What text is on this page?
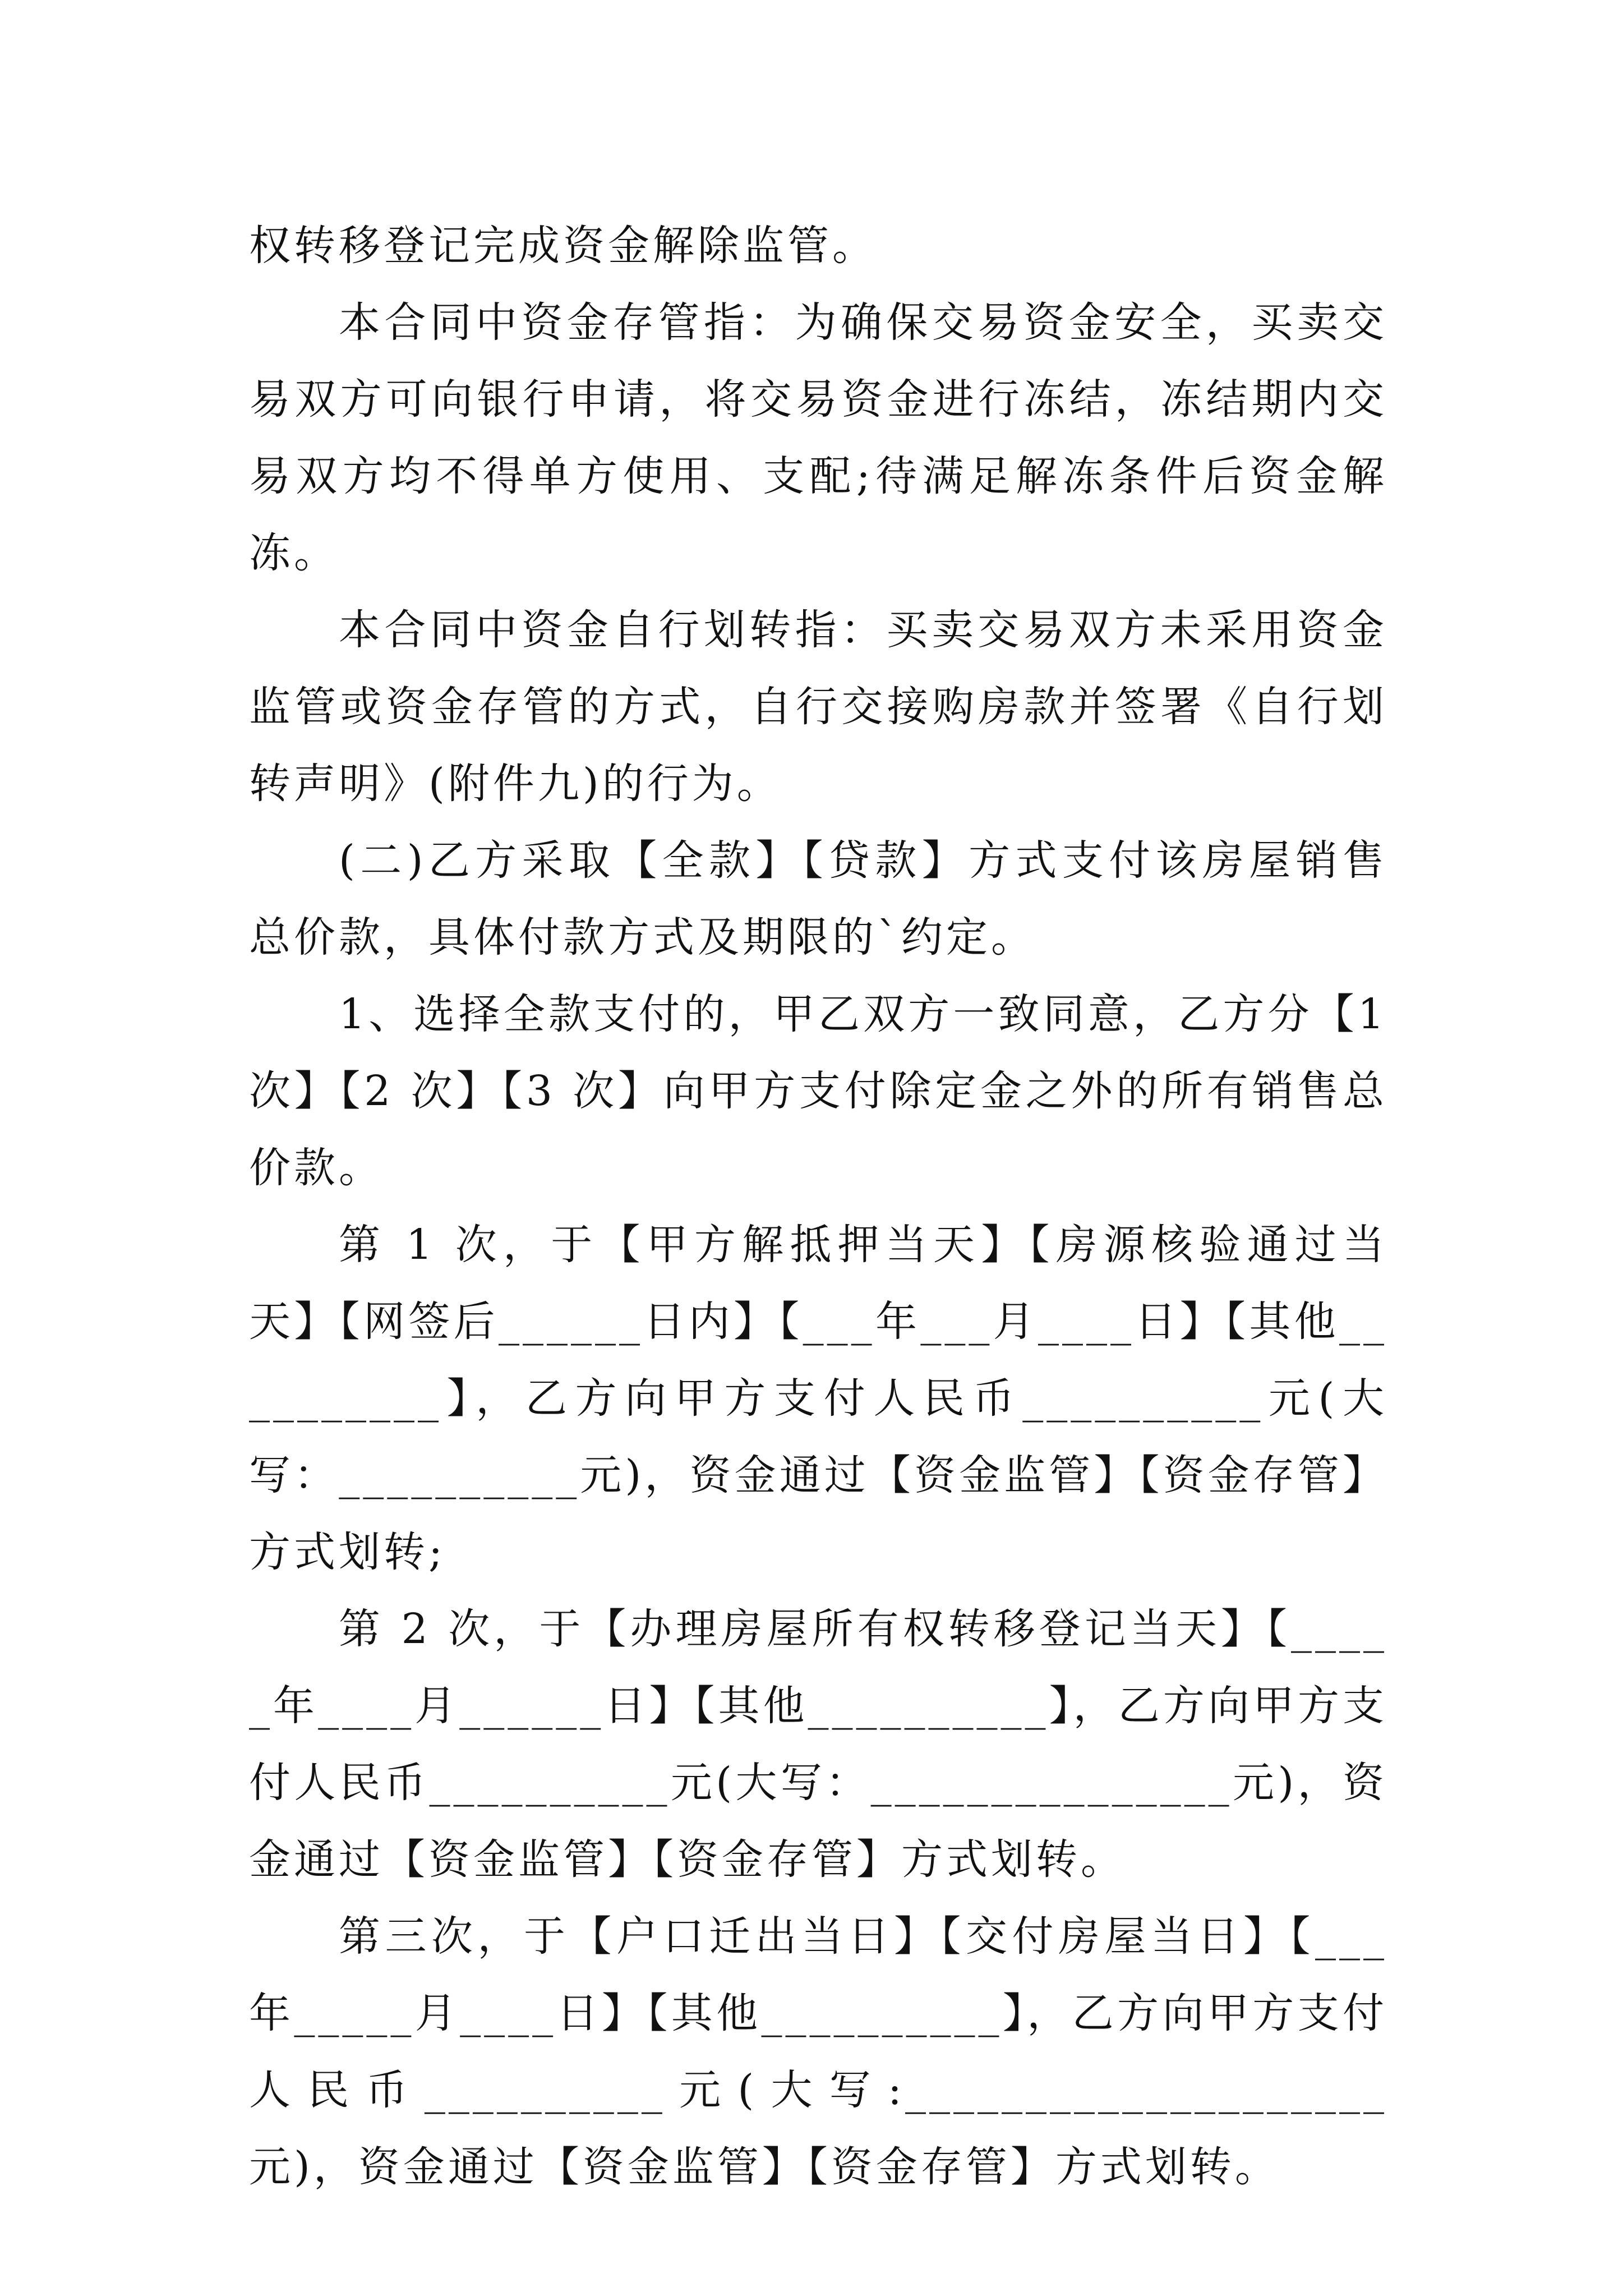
权转移登记完成资金解除监管。

本合同中资金存管指：为确保交易资金安全，买卖交易双方可向银行申请，将交易资金进行冻结，冻结期内交易双方均不得单方使用、支配;待满足解冻条件后资金解冻。

本合同中资金自行划转指：买卖交易双方未采用资金监管或资金存管的方式，自行交接购房款并签署《自行划转声明》(附件九)的行为。

(二)乙方采取【全款】【贷款】方式支付该房屋销售总价款，具体付款方式及期限的`约定。

1、选择全款支付的，甲乙双方一致同意，乙方分【1 次】【2 次】【3 次】向甲方支付除定金之外的所有销售总价款。

第 1 次，于【甲方解抵押当天】【房源核验通过当天】【网签后______日内】【___年___月____日】【其他__________】，乙方向甲方支付人民币__________元(大写：__________元)，资金通过【资金监管】【资金存管】方式划转;

第 2 次，于【办理房屋所有权转移登记当天】【_____年____月______日】【其他__________】，乙方向甲方支付人民币__________元(大写：_______________元)，资金通过【资金监管】【资金存管】方式划转。

第三次，于【户口迁出当日】【交付房屋当日】【___年_____月____日】【其他__________】，乙方向甲方支付人民币__________元(大写:____________________元)，资金通过【资金监管】【资金存管】方式划转。
